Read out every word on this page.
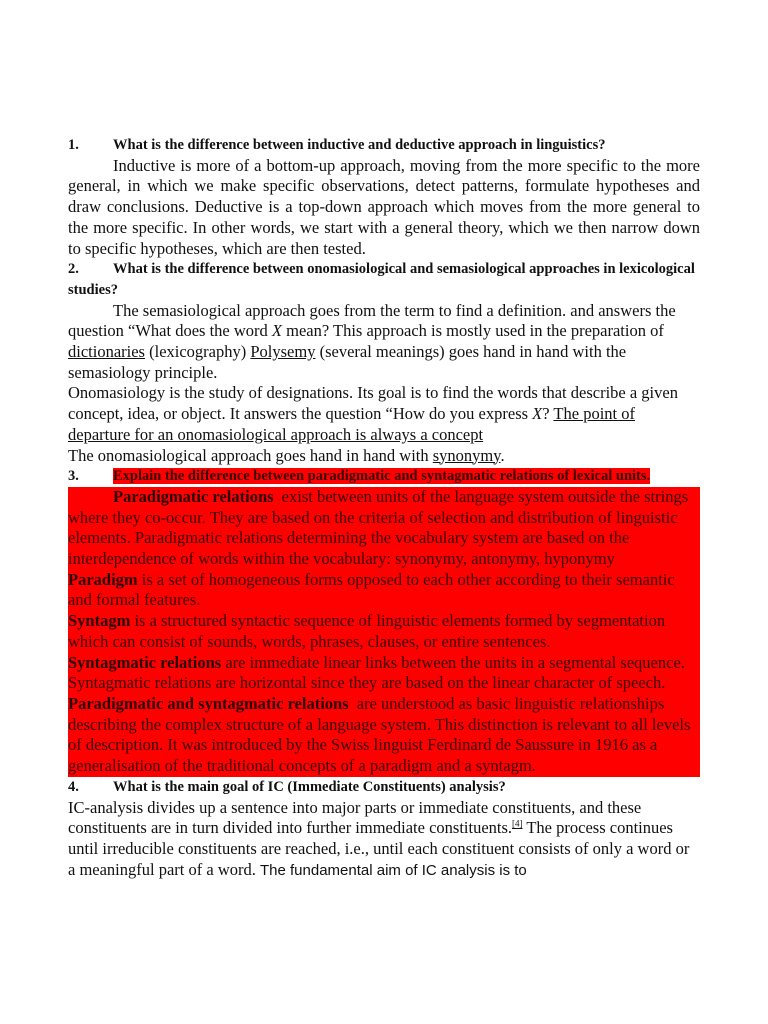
1. What is the difference between inductive and deductive approach in linguistics?

Inductive is more of a bottom-up approach, moving from the more specific to the more general, in which we make specific observations, detect patterns, formulate hypotheses and draw conclusions. Deductive is a top-down approach which moves from the more general to the more specific. In other words, we start with a general theory, which we then narrow down to specific hypotheses, which are then tested.

2. What is the difference between onomasiological and semasiological approaches in lexicological studies?

The semasiological approach goes from the term to find a definition. and answers the question “What does the word X mean? This approach is mostly used in the preparation of dictionaries (lexicography) Polysemy (several meanings) goes hand in hand with the semasiology principle.

Onomasiology is the study of designations. Its goal is to find the words that describe a given concept, idea, or object. It answers the question “How do you express X? The point of departure for an onomasiological approach is always a concept

The onomasiological approach goes hand in hand with synonymy.

3. Explain the difference between paradigmatic and syntagmatic relations of lexical units.

Paradigmatic relations exist between units of the language system outside the strings where they co-occur. They are based on the criteria of selection and distribution of linguistic elements. Paradigmatic relations determining the vocabulary system are based on the interdependence of words within the vocabulary: synonymy, antonymy, hyponymy

Paradigm is a set of homogeneous forms opposed to each other according to their semantic and formal features.

Syntagm is a structured syntactic sequence of linguistic elements formed by segmentation which can consist of sounds, words, phrases, clauses, or entire sentences.

Syntagmatic relations are immediate linear links between the units in a segmental sequence. Syntagmatic relations are horizontal since they are based on the linear character of speech.

Paradigmatic and syntagmatic relations are understood as basic linguistic relationships describing the complex structure of a language system. This distinction is relevant to all levels of description. It was introduced by the Swiss linguist Ferdinard de Saussure in 1916 as a generalisation of the traditional concepts of a paradigm and a syntagm.

4. What is the main goal of IC (Immediate Constituents) analysis?

IC-analysis divides up a sentence into major parts or immediate constituents, and these constituents are in turn divided into further immediate constituents.[4] The process continues until irreducible constituents are reached, i.e., until each constituent consists of only a word or a meaningful part of a word. The fundamental aim of IC analysis is to
